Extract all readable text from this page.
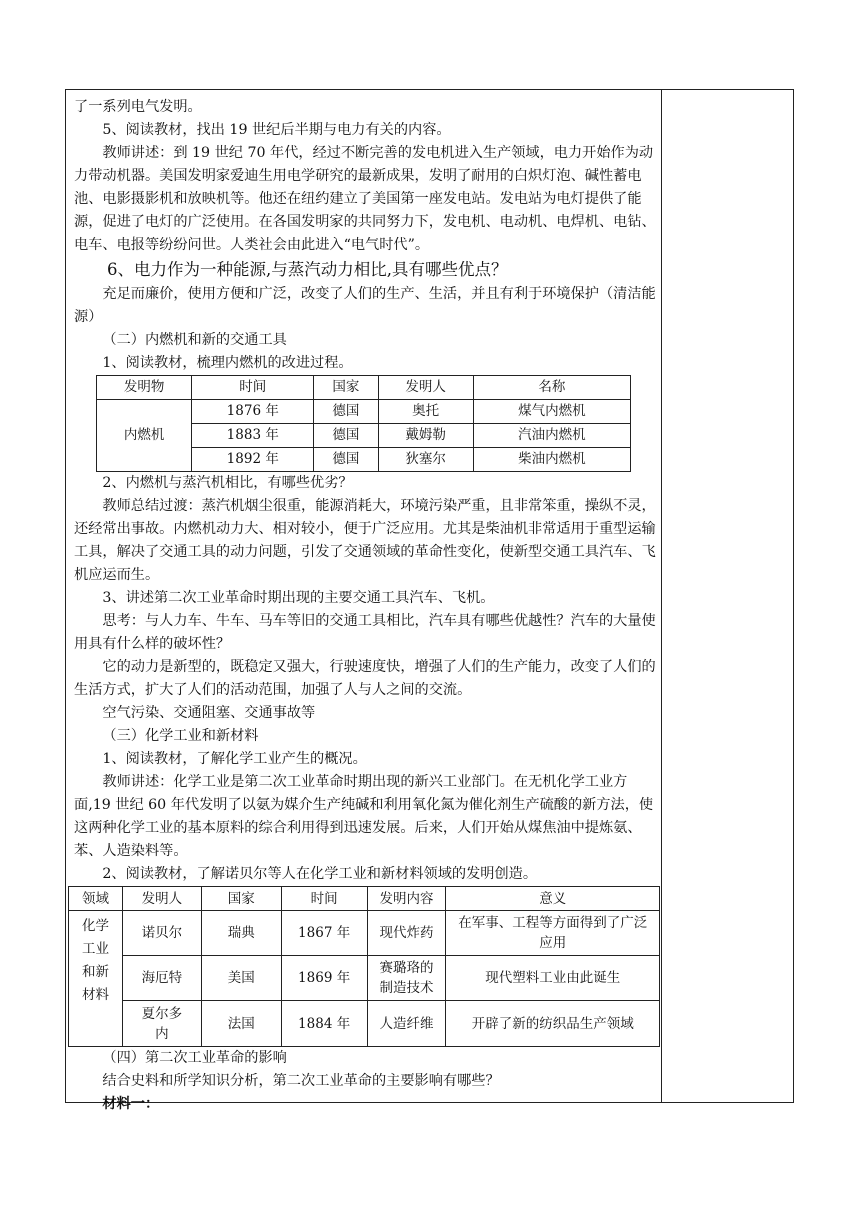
了一系列电气发明。

5、阅读教材，找出 19 世纪后半期与电力有关的内容。

教师讲述：到 19 世纪 70 年代，经过不断完善的发电机进入生产领域，电力开始作为动力带动机器。美国发明家爱迪生用电学研究的最新成果，发明了耐用的白炽灯泡、碱性蓄电池、电影摄影机和放映机等。他还在纽约建立了美国第一座发电站。发电站为电灯提供了能源，促进了电灯的广泛使用。在各国发明家的共同努力下，发电机、电动机、电焊机、电钻、电车、电报等纷纷问世。人类社会由此进入“电气时代”。

6、电力作为一种能源,与蒸汽动力相比,具有哪些优点？

充足而廉价，使用方便和广泛，改变了人们的生产、生活，并且有利于环境保护（清洁能源）

（二）内燃机和新的交通工具

1、阅读教材，梳理内燃机的改进过程。

发明物	时间	国家	发明人	名称
内燃机	1876 年	德国	奥托	煤气内燃机
	1883 年	德国	戴姆勒	汽油内燃机
	1892 年	德国	狄塞尔	柴油内燃机

2、内燃机与蒸汽机相比，有哪些优劣？

教师总结过渡：蒸汽机烟尘很重，能源消耗大，环境污染严重，且非常笨重，操纵不灵，还经常出事故。内燃机动力大、相对较小，便于广泛应用。尤其是柴油机非常适用于重型运输工具，解决了交通工具的动力问题，引发了交通领域的革命性变化，使新型交通工具汽车、飞机应运而生。

3、讲述第二次工业革命时期出现的主要交通工具汽车、飞机。

思考：与人力车、牛车、马车等旧的交通工具相比，汽车具有哪些优越性？汽车的大量使用具有什么样的破坏性？

它的动力是新型的，既稳定又强大，行驶速度快，增强了人们的生产能力，改变了人们的生活方式，扩大了人们的活动范围，加强了人与人之间的交流。

空气污染、交通阻塞、交通事故等

（三）化学工业和新材料

1、阅读教材，了解化学工业产生的概况。

教师讲述：化学工业是第二次工业革命时期出现的新兴工业部门。在无机化学工业方面,19 世纪 60 年代发明了以氨为媒介生产纯碱和利用氧化氮为催化剂生产硫酸的新方法，使这两种化学工业的基本原料的综合利用得到迅速发展。后来，人们开始从煤焦油中提炼氨、苯、人造染料等。

2、阅读教材，了解诺贝尔等人在化学工业和新材料领域的发明创造。

领域	发明人	国家	时间	发明内容	意义
化学工业和新材料	诺贝尔	瑞典	1867 年	现代炸药	在军事、工程等方面得到了广泛应用
	海厄特	美国	1869 年	赛璐珞的制造技术	现代塑料工业由此诞生
	夏尔多内	法国	1884 年	人造纤维	开辟了新的纺织品生产领域

（四）第二次工业革命的影响

结合史料和所学知识分析，第二次工业革命的主要影响有哪些？

材料一：
